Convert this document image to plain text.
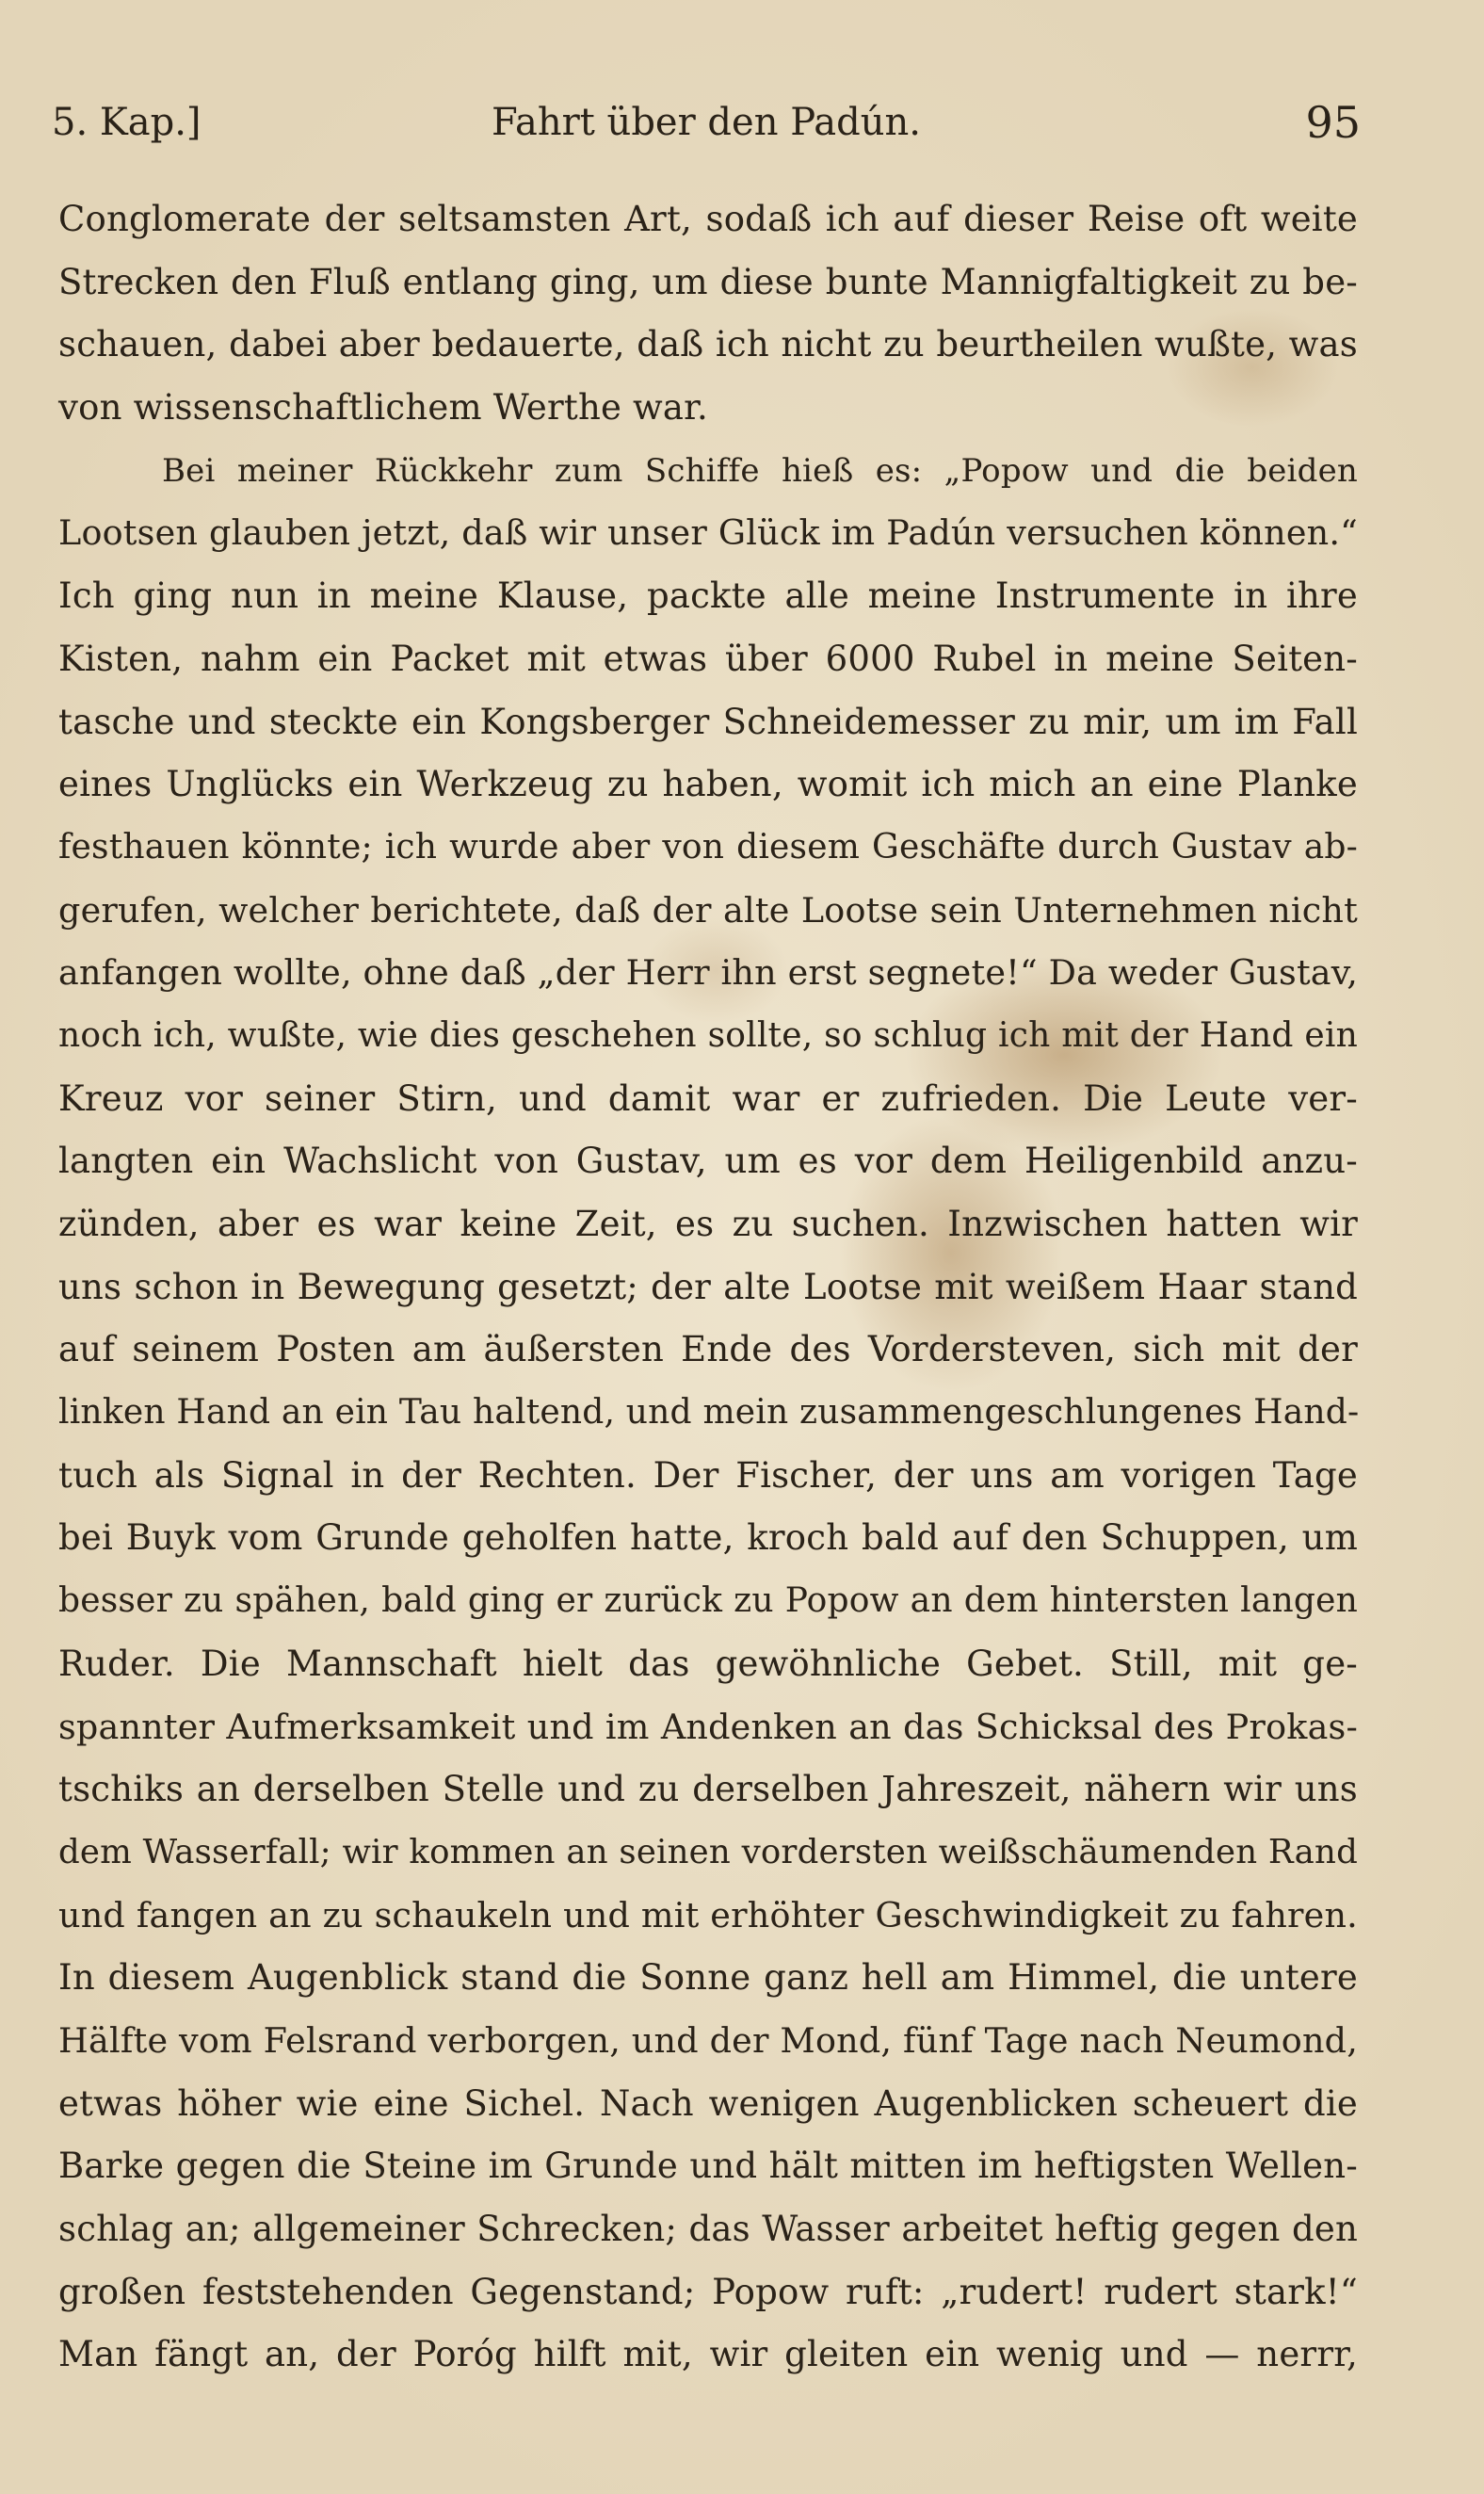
5. Kap.]	Fahrt über den Padún.	95
Conglomerate der seltsamsten Art, sodaß ich auf dieser Reise oft weite
Strecken den Fluß entlang ging, um diese bunte Mannigfaltigkeit zu be-
schauen, dabei aber bedauerte, daß ich nicht zu beurtheilen wußte, was
von wissenschaftlichem Werthe war.
Bei meiner Rückkehr zum Schiffe hieß es: „Popow und die beiden
Lootsen glauben jetzt, daß wir unser Glück im Padún versuchen können.“
Ich ging nun in meine Klause, packte alle meine Instrumente in ihre
Kisten, nahm ein Packet mit etwas über 6000 Rubel in meine Seiten-
tasche und steckte ein Kongsberger Schneidemesser zu mir, um im Fall
eines Unglücks ein Werkzeug zu haben, womit ich mich an eine Planke
festhauen könnte; ich wurde aber von diesem Geschäfte durch Gustav ab-
gerufen, welcher berichtete, daß der alte Lootse sein Unternehmen nicht
anfangen wollte, ohne daß „der Herr ihn erst segnete!“ Da weder Gustav,
noch ich, wußte, wie dies geschehen sollte, so schlug ich mit der Hand ein
Kreuz vor seiner Stirn, und damit war er zufrieden. Die Leute ver-
langten ein Wachslicht von Gustav, um es vor dem Heiligenbild anzu-
zünden, aber es war keine Zeit, es zu suchen. Inzwischen hatten wir
uns schon in Bewegung gesetzt; der alte Lootse mit weißem Haar stand
auf seinem Posten am äußersten Ende des Vordersteven, sich mit der
linken Hand an ein Tau haltend, und mein zusammengeschlungenes Hand-
tuch als Signal in der Rechten. Der Fischer, der uns am vorigen Tage
bei Buyk vom Grunde geholfen hatte, kroch bald auf den Schuppen, um
besser zu spähen, bald ging er zurück zu Popow an dem hintersten langen
Ruder. Die Mannschaft hielt das gewöhnliche Gebet. Still, mit ge-
spannter Aufmerksamkeit und im Andenken an das Schicksal des Prokas-
tschiks an derselben Stelle und zu derselben Jahreszeit, nähern wir uns
dem Wasserfall; wir kommen an seinen vordersten weißschäumenden Rand
und fangen an zu schaukeln und mit erhöhter Geschwindigkeit zu fahren.
In diesem Augenblick stand die Sonne ganz hell am Himmel, die untere
Hälfte vom Felsrand verborgen, und der Mond, fünf Tage nach Neumond,
etwas höher wie eine Sichel. Nach wenigen Augenblicken scheuert die
Barke gegen die Steine im Grunde und hält mitten im heftigsten Wellen-
schlag an; allgemeiner Schrecken; das Wasser arbeitet heftig gegen den
großen feststehenden Gegenstand; Popow ruft: „rudert! rudert stark!“
Man fängt an, der Poróg hilft mit, wir gleiten ein wenig und — nerrr,
